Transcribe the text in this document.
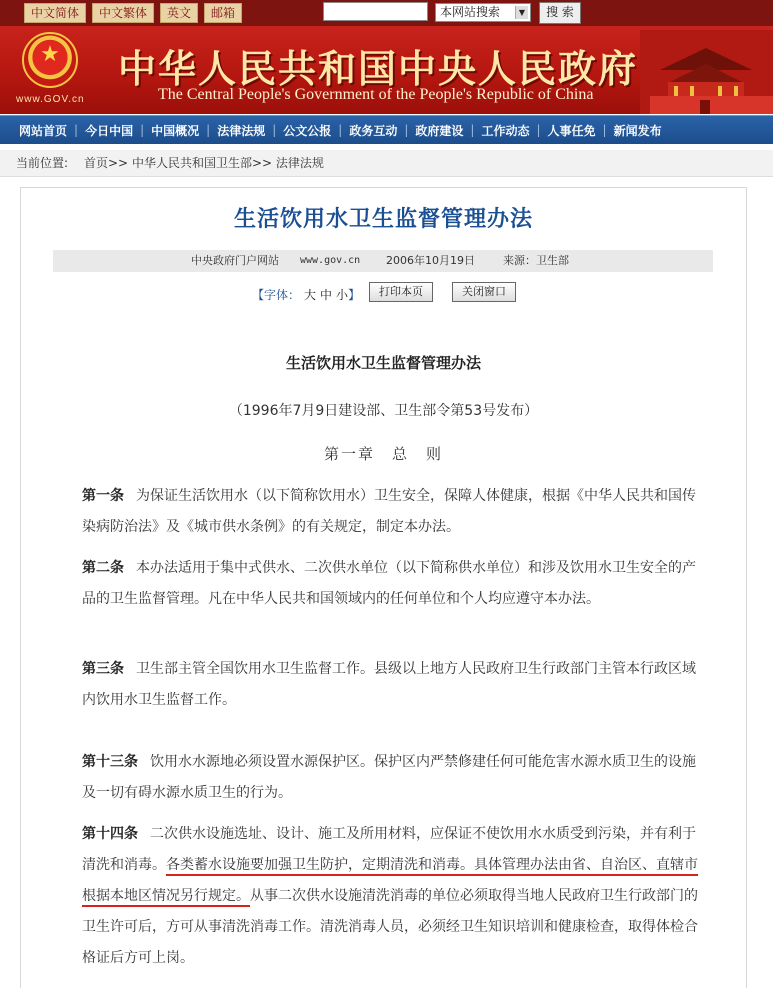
中文简体	中文繁体	英文	邮箱	本网站搜索	▼	搜 索
★
www.GOV.cn
中华人民共和国中央人民政府
The Central People's Government of the People's Republic of China
网站首页 | 今日中国 | 中国概况 | 法律法规 | 公文公报 | 政务互动 | 政府建设 | 工作动态 | 人事任免 | 新闻发布
当前位置: 首页>> 中华人民共和国卫生部>> 法律法规
生活饮用水卫生监督管理办法
中央政府门户网站 www.gov.cn 2006年10月19日	来源：卫生部
【字体： 大 中 小】	打印本页	关闭窗口
生活饮用水卫生监督管理办法
（1996年7月9日建设部、卫生部令第53号发布）
第一章　总　则
第一条 为保证生活饮用水（以下简称饮用水）卫生安全，保障人体健康，根据《中华人民共和国传染病防治法》及《城市供水条例》的有关规定，制定本办法。
第二条 本办法适用于集中式供水、二次供水单位（以下简称供水单位）和涉及饮用水卫生安全的产品的卫生监督管理。凡在中华人民共和国领域内的任何单位和个人均应遵守本办法。
第三条 卫生部主管全国饮用水卫生监督工作。县级以上地方人民政府卫生行政部门主管本行政区域内饮用水卫生监督工作。
第十三条 饮用水水源地必须设置水源保护区。保护区内严禁修建任何可能危害水源水质卫生的设施及一切有碍水源水质卫生的行为。
第十四条 二次供水设施选址、设计、施工及所用材料，应保证不使饮用水水质受到污染，并有利于清洗和消毒。各类蓄水设施要加强卫生防护，定期清洗和消毒。具体管理办法由省、自治区、直辖市根据本地区情况另行规定。从事二次供水设施清洗消毒的单位必须取得当地人民政府卫生行政部门的卫生许可后，方可从事清洗消毒工作。清洗消毒人员，必须经卫生知识培训和健康检查，取得体检合格证后方可上岗。
